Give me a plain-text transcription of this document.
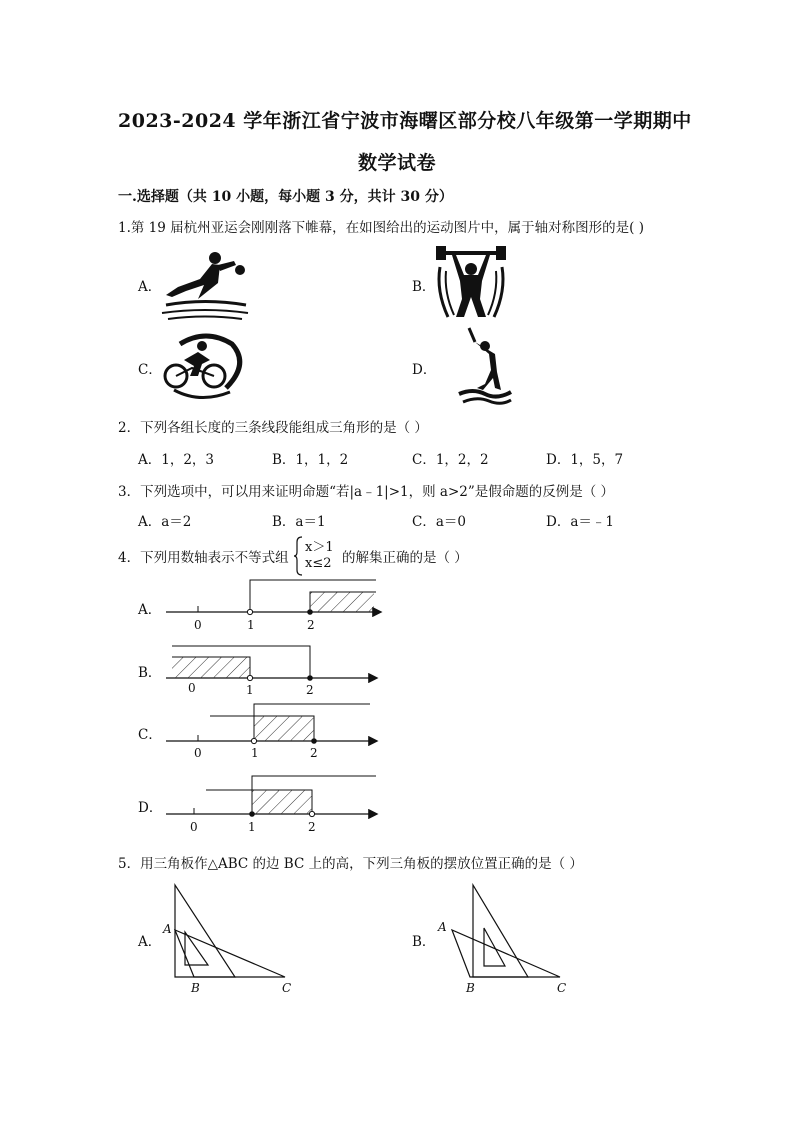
2023-2024 学年浙江省宁波市海曙区部分校八年级第一学期期中
数学试卷
一.选择题（共 10 小题，每小题 3 分，共计 30 分）
1.第 19 届杭州亚运会刚刚落下帷幕，在如图给出的运动图片中，属于轴对称图形的是( )
A．	B．
C．	D．
2．下列各组长度的三条线段能组成三角形的是（ ）
A．1，2，3	B．1，1，2	C．1，2，2	D．1，5，7
3．下列选项中，可以用来证明命题“若|a﹣1|>1，则 a>2”是假命题的反例是（ ）
A．a＝2	B．a＝1	C．a＝0	D．a＝﹣1
4．下列用数轴表示不等式组
x＞1
x≤2 的解集正确的是（ ）
A．
0	1	2
B．
0	1	2
C．
0	1	2
D．
0	1	2
5．用三角板作△ABC 的边 BC 上的高，下列三角板的摆放位置正确的是（ ）
A．
A
B	C
B．
A
B	C
